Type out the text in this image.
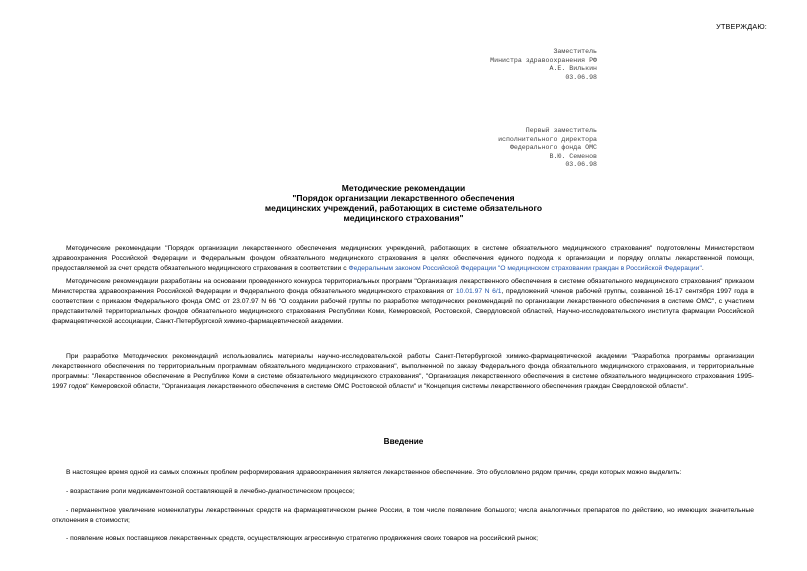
УТВЕРЖДАЮ:
Заместитель
Министра здравоохранения РФ
А.Е. Вилькин
03.06.98
Первый заместитель
исполнительного директора
Федерального фонда ОМС
В.Ю. Семенов
03.06.98
Методические рекомендации
"Порядок организации лекарственного обеспечения
медицинских учреждений, работающих в системе обязательного
медицинского страхования"
Методические рекомендации "Порядок организации лекарственного обеспечения медицинских учреждений, работающих в системе обязательного медицинского страхования" подготовлены Министерством здравоохранения Российской Федерации и Федеральным фондом обязательного медицинского страхования в целях обеспечения единого подхода к организации и порядку оплаты лекарственной помощи, предоставляемой за счет средств обязательного медицинского страхования в соответствии с Федеральным законом Российской Федерации "О медицинском страховании граждан в Российской Федерации".
Методические рекомендации разработаны на основании проведенного конкурса территориальных программ "Организация лекарственного обеспечения в системе обязательного медицинского страхования" приказом Министерства здравоохранения Российской Федерации и Федерального фонда обязательного медицинского страхования от 10.01.97 N 6/1, предложений членов рабочей группы, созванной 16-17 сентября 1997 года в соответствии с приказом Федерального фонда ОМС от 23.07.97 N 66 "О создании рабочей группы по разработке методических рекомендаций по организации лекарственного обеспечения в системе ОМС", с участием представителей территориальных фондов обязательного медицинского страхования Республики Коми, Кемеровской, Ростовской, Свердловской областей, Научно-исследовательского института фармации Российской фармацевтической ассоциации, Санкт-Петербургской химико-фармацевтической академии.
При разработке Методических рекомендаций использовались материалы научно-исследовательской работы Санкт-Петербургской химико-фармацевтической академии "Разработка программы организации лекарственного обеспечения по территориальным программам обязательного медицинского страхования", выполненной по заказу Федерального фонда обязательного медицинского страхования, и территориальные программы: "Лекарственное обеспечение в Республике Коми в системе обязательного медицинского страхования", "Организация лекарственного обеспечения в системе обязательного медицинского страхования 1995-1997 годов" Кемеровской области, "Организация лекарственного обеспечения в системе ОМС Ростовской области" и "Концепция системы лекарственного обеспечения граждан Свердловской области".
Введение
В настоящее время одной из самых сложных проблем реформирования здравоохранения является лекарственное обеспечение. Это обусловлено рядом причин, среди которых можно выделить:
- возрастание роли медикаментозной составляющей в лечебно-диагностическом процессе;
- перманентное увеличение номенклатуры лекарственных средств на фармацевтическом рынке России, в том числе появление большого; числа аналогичных препаратов по действию, но имеющих значительные отклонения в стоимости;
- появление новых поставщиков лекарственных средств, осуществляющих агрессивную стратегию продвижения своих товаров на российский рынок;
